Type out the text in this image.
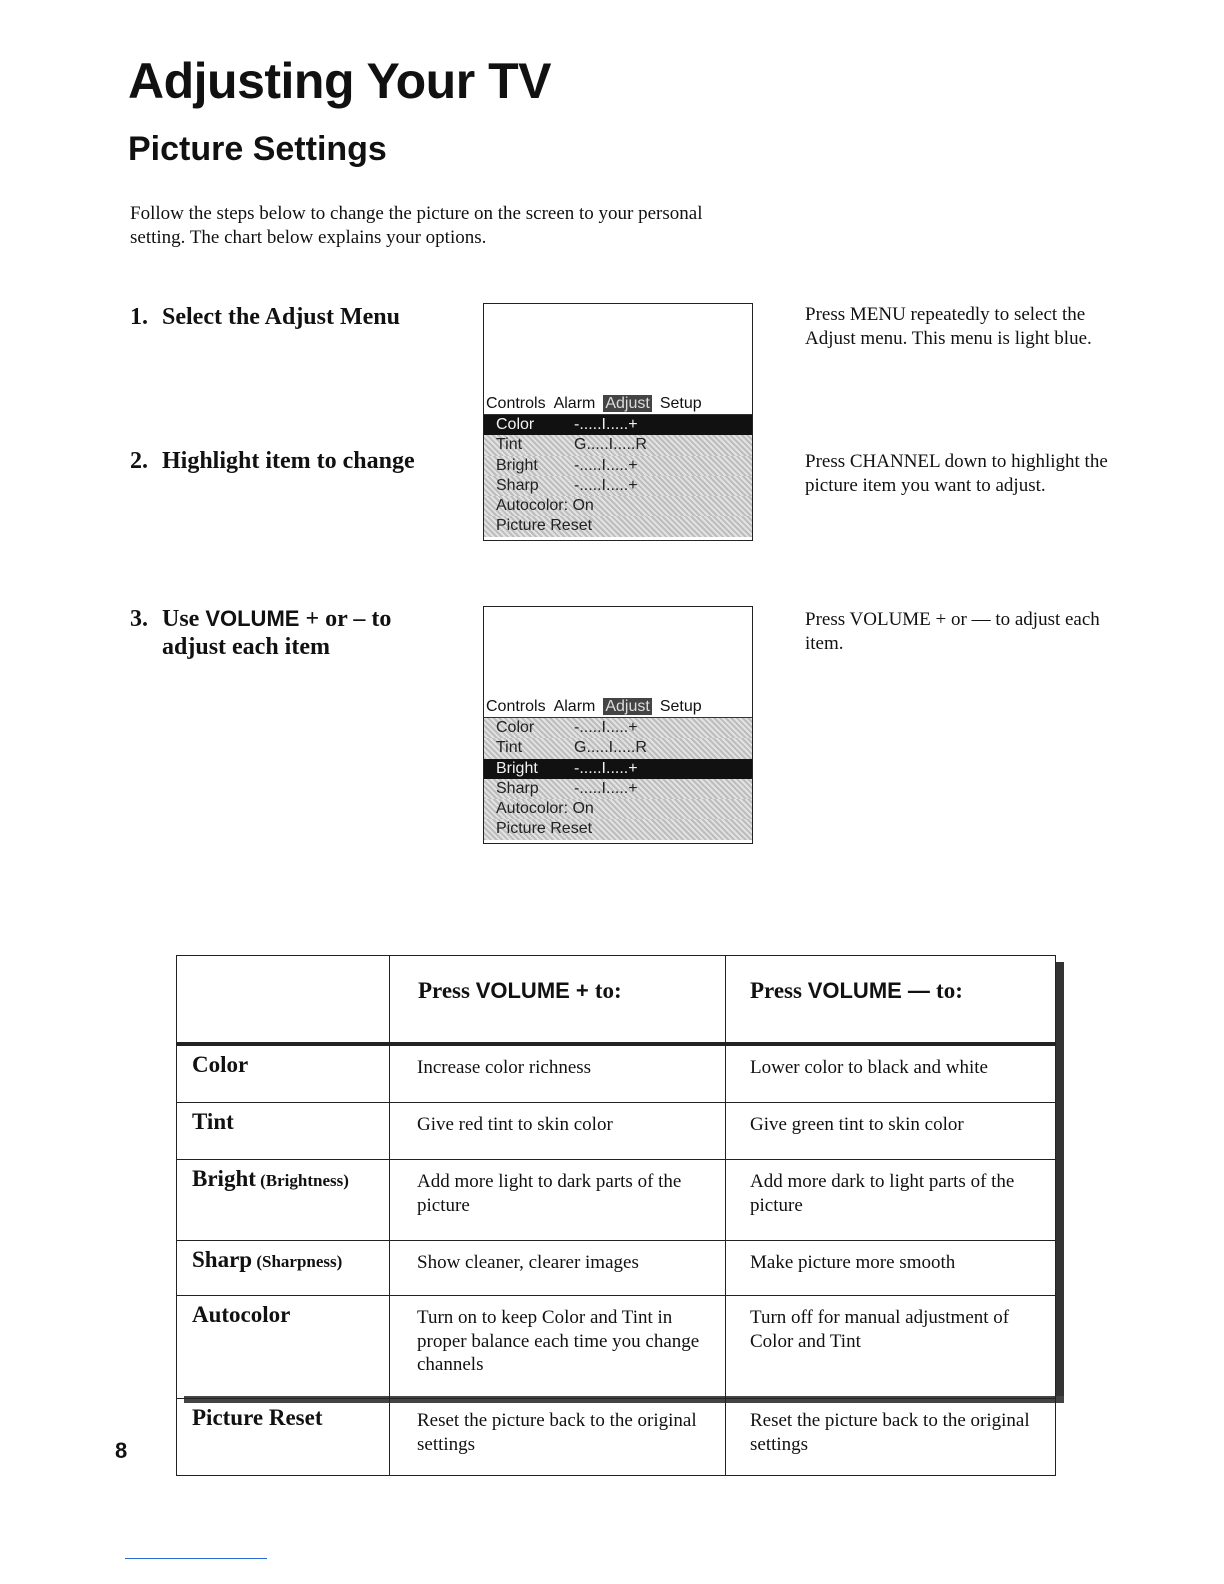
Adjusting Your TV
Picture Settings

Follow the steps below to change the picture on the screen to your personal setting. The chart below explains your options.

1. Select the Adjust Menu	Press MENU repeatedly to select the Adjust menu. This menu is light blue.

2. Highlight item to change	Press CHANNEL down to highlight the picture item you want to adjust.

3. Use VOLUME + or – to
adjust each item

Press VOLUME + or — to adjust each item.

Controls Alarm Adjust Setup
Color -.....I.....+
Tint	G.....I.....R
Bright -.....I.....+
Sharp -.....I.....+
Autocolor: On
Picture Reset
Controls Alarm Adjust Setup
Color -.....I.....+
Tint	G.....I.....R
Bright -.....I.....+
Sharp -.....I.....+
Autocolor: On
Picture Reset
	Press VOLUME + to:	Press VOLUME — to:
Color	Increase color richness	Lower color to black and white
Tint	Give red tint to skin color	Give green tint to skin color
Bright (Brightness)	Add more light to dark parts of the picture	Add more dark to light parts of the picture
Sharp (Sharpness)	Show cleaner, clearer images	Make picture more smooth
Autocolor	Turn on to keep Color and Tint in proper balance each time you change channels	Turn off for manual adjustment of Color and Tint
Picture Reset	Reset the picture back to the original settings	Reset the picture back to the original settings
8
